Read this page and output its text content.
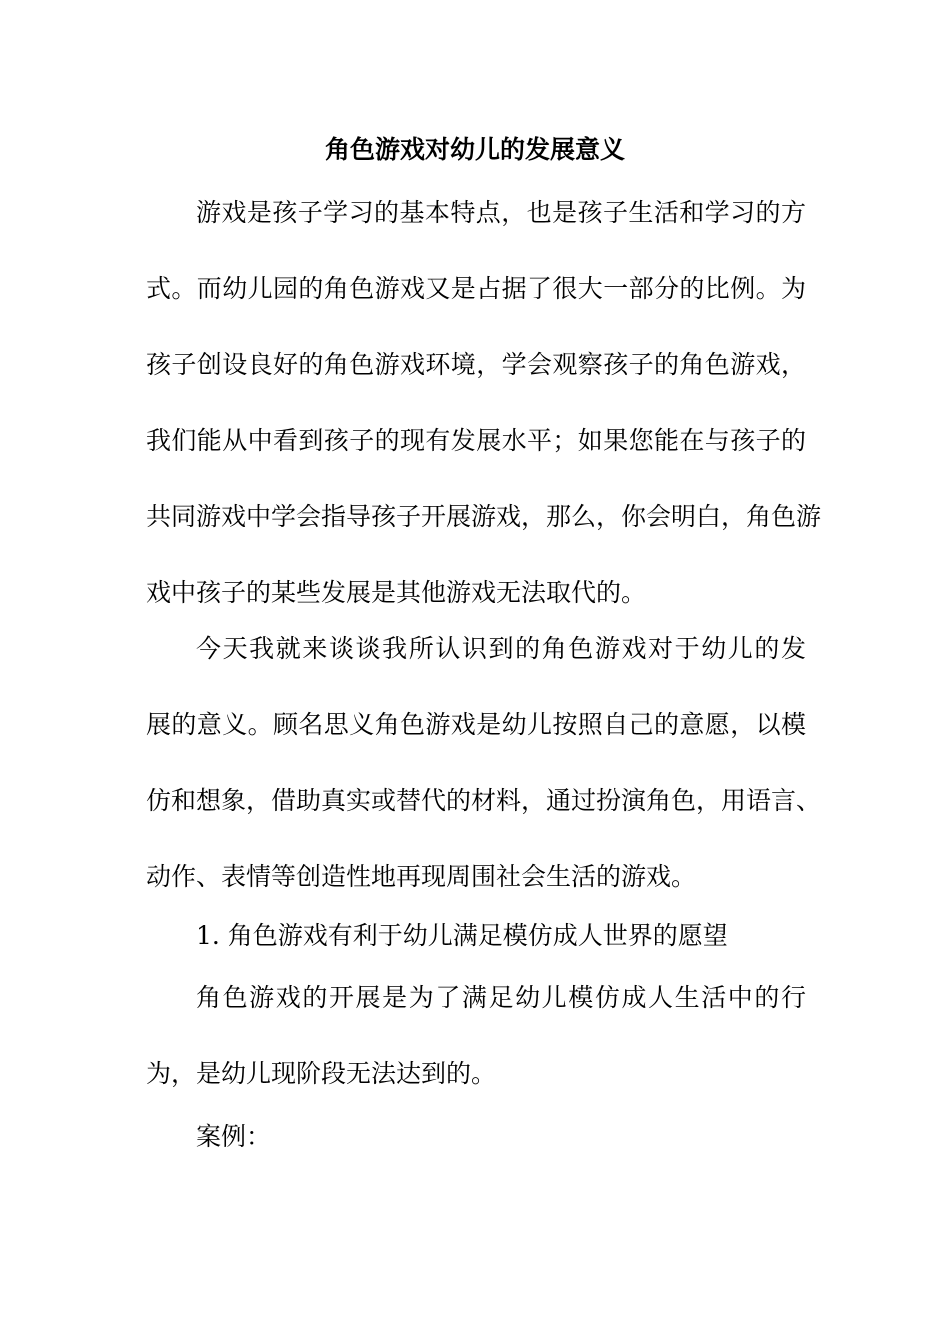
角色游戏对幼儿的发展意义
游戏是孩子学习的基本特点，也是孩子生活和学习的方
式。而幼儿园的角色游戏又是占据了很大一部分的比例。为
孩子创设良好的角色游戏环境，学会观察孩子的角色游戏，
我们能从中看到孩子的现有发展水平；如果您能在与孩子的
共同游戏中学会指导孩子开展游戏，那么，你会明白，角色游
戏中孩子的某些发展是其他游戏无法取代的。
今天我就来谈谈我所认识到的角色游戏对于幼儿的发
展的意义。顾名思义角色游戏是幼儿按照自己的意愿，以模
仿和想象，借助真实或替代的材料，通过扮演角色，用语言、
动作、表情等创造性地再现周围社会生活的游戏。
1. 角色游戏有利于幼儿满足模仿成人世界的愿望
角色游戏的开展是为了满足幼儿模仿成人生活中的行
为，是幼儿现阶段无法达到的。
案例：
